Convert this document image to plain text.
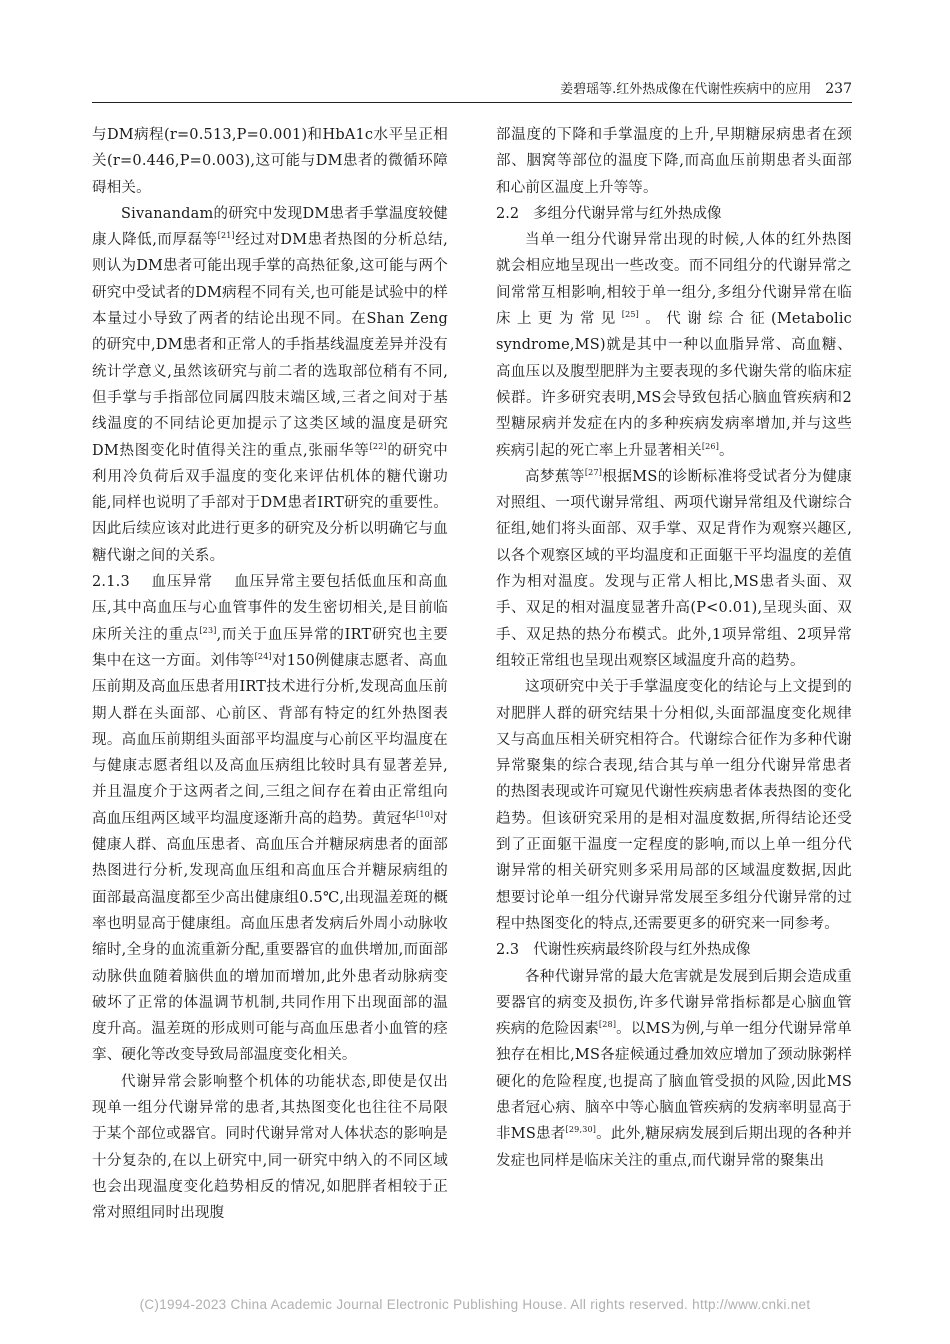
姜碧瑶等.红外热成像在代谢性疾病中的应用 237

与DM病程(r=0.513,P=0.001)和HbA1c水平呈正相关(r=0.446,P=0.003),这可能与DM患者的微循环障碍相关。

Sivanandam的研究中发现DM患者手掌温度较健康人降低,而厚磊等[21]经过对DM患者热图的分析总结,则认为DM患者可能出现手掌的高热征象,这可能与两个研究中受试者的DM病程不同有关,也可能是试验中的样本量过小导致了两者的结论出现不同。在Shan Zeng的研究中,DM患者和正常人的手指基线温度差异并没有统计学意义,虽然该研究与前二者的选取部位稍有不同,但手掌与手指部位同属四肢末端区域,三者之间对于基线温度的不同结论更加提示了这类区域的温度是研究DM热图变化时值得关注的重点,张丽华等[22]的研究中利用冷负荷后双手温度的变化来评估机体的糖代谢功能,同样也说明了手部对于DM患者IRT研究的重要性。因此后续应该对此进行更多的研究及分析以明确它与血糖代谢之间的关系。

2.1.3 血压异常 血压异常主要包括低血压和高血压,其中高血压与心血管事件的发生密切相关,是目前临床所关注的重点[23],而关于血压异常的IRT研究也主要集中在这一方面。刘伟等[24]对150例健康志愿者、高血压前期及高血压患者用IRT技术进行分析,发现高血压前期人群在头面部、心前区、背部有特定的红外热图表现。高血压前期组头面部平均温度与心前区平均温度在与健康志愿者组以及高血压病组比较时具有显著差异,并且温度介于这两者之间,三组之间存在着由正常组向高血压组两区域平均温度逐渐升高的趋势。黄冠华[10]对健康人群、高血压患者、高血压合并糖尿病患者的面部热图进行分析,发现高血压组和高血压合并糖尿病组的面部最高温度都至少高出健康组0.5℃,出现温差斑的概率也明显高于健康组。高血压患者发病后外周小动脉收缩时,全身的血流重新分配,重要器官的血供增加,而面部动脉供血随着脑供血的增加而增加,此外患者动脉病变破坏了正常的体温调节机制,共同作用下出现面部的温度升高。温差斑的形成则可能与高血压患者小血管的痉挛、硬化等改变导致局部温度变化相关。

代谢异常会影响整个机体的功能状态,即使是仅出现单一组分代谢异常的患者,其热图变化也往往不局限于某个部位或器官。同时代谢异常对人体状态的影响是十分复杂的,在以上研究中,同一研究中纳入的不同区域也会出现温度变化趋势相反的情况,如肥胖者相较于正常对照组同时出现腹

部温度的下降和手掌温度的上升,早期糖尿病患者在颈部、胭窝等部位的温度下降,而高血压前期患者头面部和心前区温度上升等等。

2.2 多组分代谢异常与红外热成像

当单一组分代谢异常出现的时候,人体的红外热图就会相应地呈现出一些改变。而不同组分的代谢异常之间常常互相影响,相较于单一组分,多组分代谢异常在临床上更为常见[25]。代谢综合征(Metabolic syndrome,MS)就是其中一种以血脂异常、高血糖、高血压以及腹型肥胖为主要表现的多代谢失常的临床症候群。许多研究表明,MS会导致包括心脑血管疾病和2型糖尿病并发症在内的多种疾病发病率增加,并与这些疾病引起的死亡率上升显著相关[26]。

高梦蕉等[27]根据MS的诊断标准将受试者分为健康对照组、一项代谢异常组、两项代谢异常组及代谢综合征组,她们将头面部、双手掌、双足背作为观察兴趣区,以各个观察区域的平均温度和正面躯干平均温度的差值作为相对温度。发现与正常人相比,MS患者头面、双手、双足的相对温度显著升高(P<0.01),呈现头面、双手、双足热的热分布模式。此外,1项异常组、2项异常组较正常组也呈现出观察区域温度升高的趋势。

这项研究中关于手掌温度变化的结论与上文提到的对肥胖人群的研究结果十分相似,头面部温度变化规律又与高血压相关研究相符合。代谢综合征作为多种代谢异常聚集的综合表现,结合其与单一组分代谢异常患者的热图表现或许可窥见代谢性疾病患者体表热图的变化趋势。但该研究采用的是相对温度数据,所得结论还受到了正面躯干温度一定程度的影响,而以上单一组分代谢异常的相关研究则多采用局部的区域温度数据,因此想要讨论单一组分代谢异常发展至多组分代谢异常的过程中热图变化的特点,还需要更多的研究来一同参考。

2.3 代谢性疾病最终阶段与红外热成像

各种代谢异常的最大危害就是发展到后期会造成重要器官的病变及损伤,许多代谢异常指标都是心脑血管疾病的危险因素[28]。以MS为例,与单一组分代谢异常单独存在相比,MS各症候通过叠加效应增加了颈动脉粥样硬化的危险程度,也提高了脑血管受损的风险,因此MS患者冠心病、脑卒中等心脑血管疾病的发病率明显高于非MS患者[29,30]。此外,糖尿病发展到后期出现的各种并发症也同样是临床关注的重点,而代谢异常的聚集出

(C)1994-2023 China Academic Journal Electronic Publishing House. All rights reserved. http://www.cnki.net
